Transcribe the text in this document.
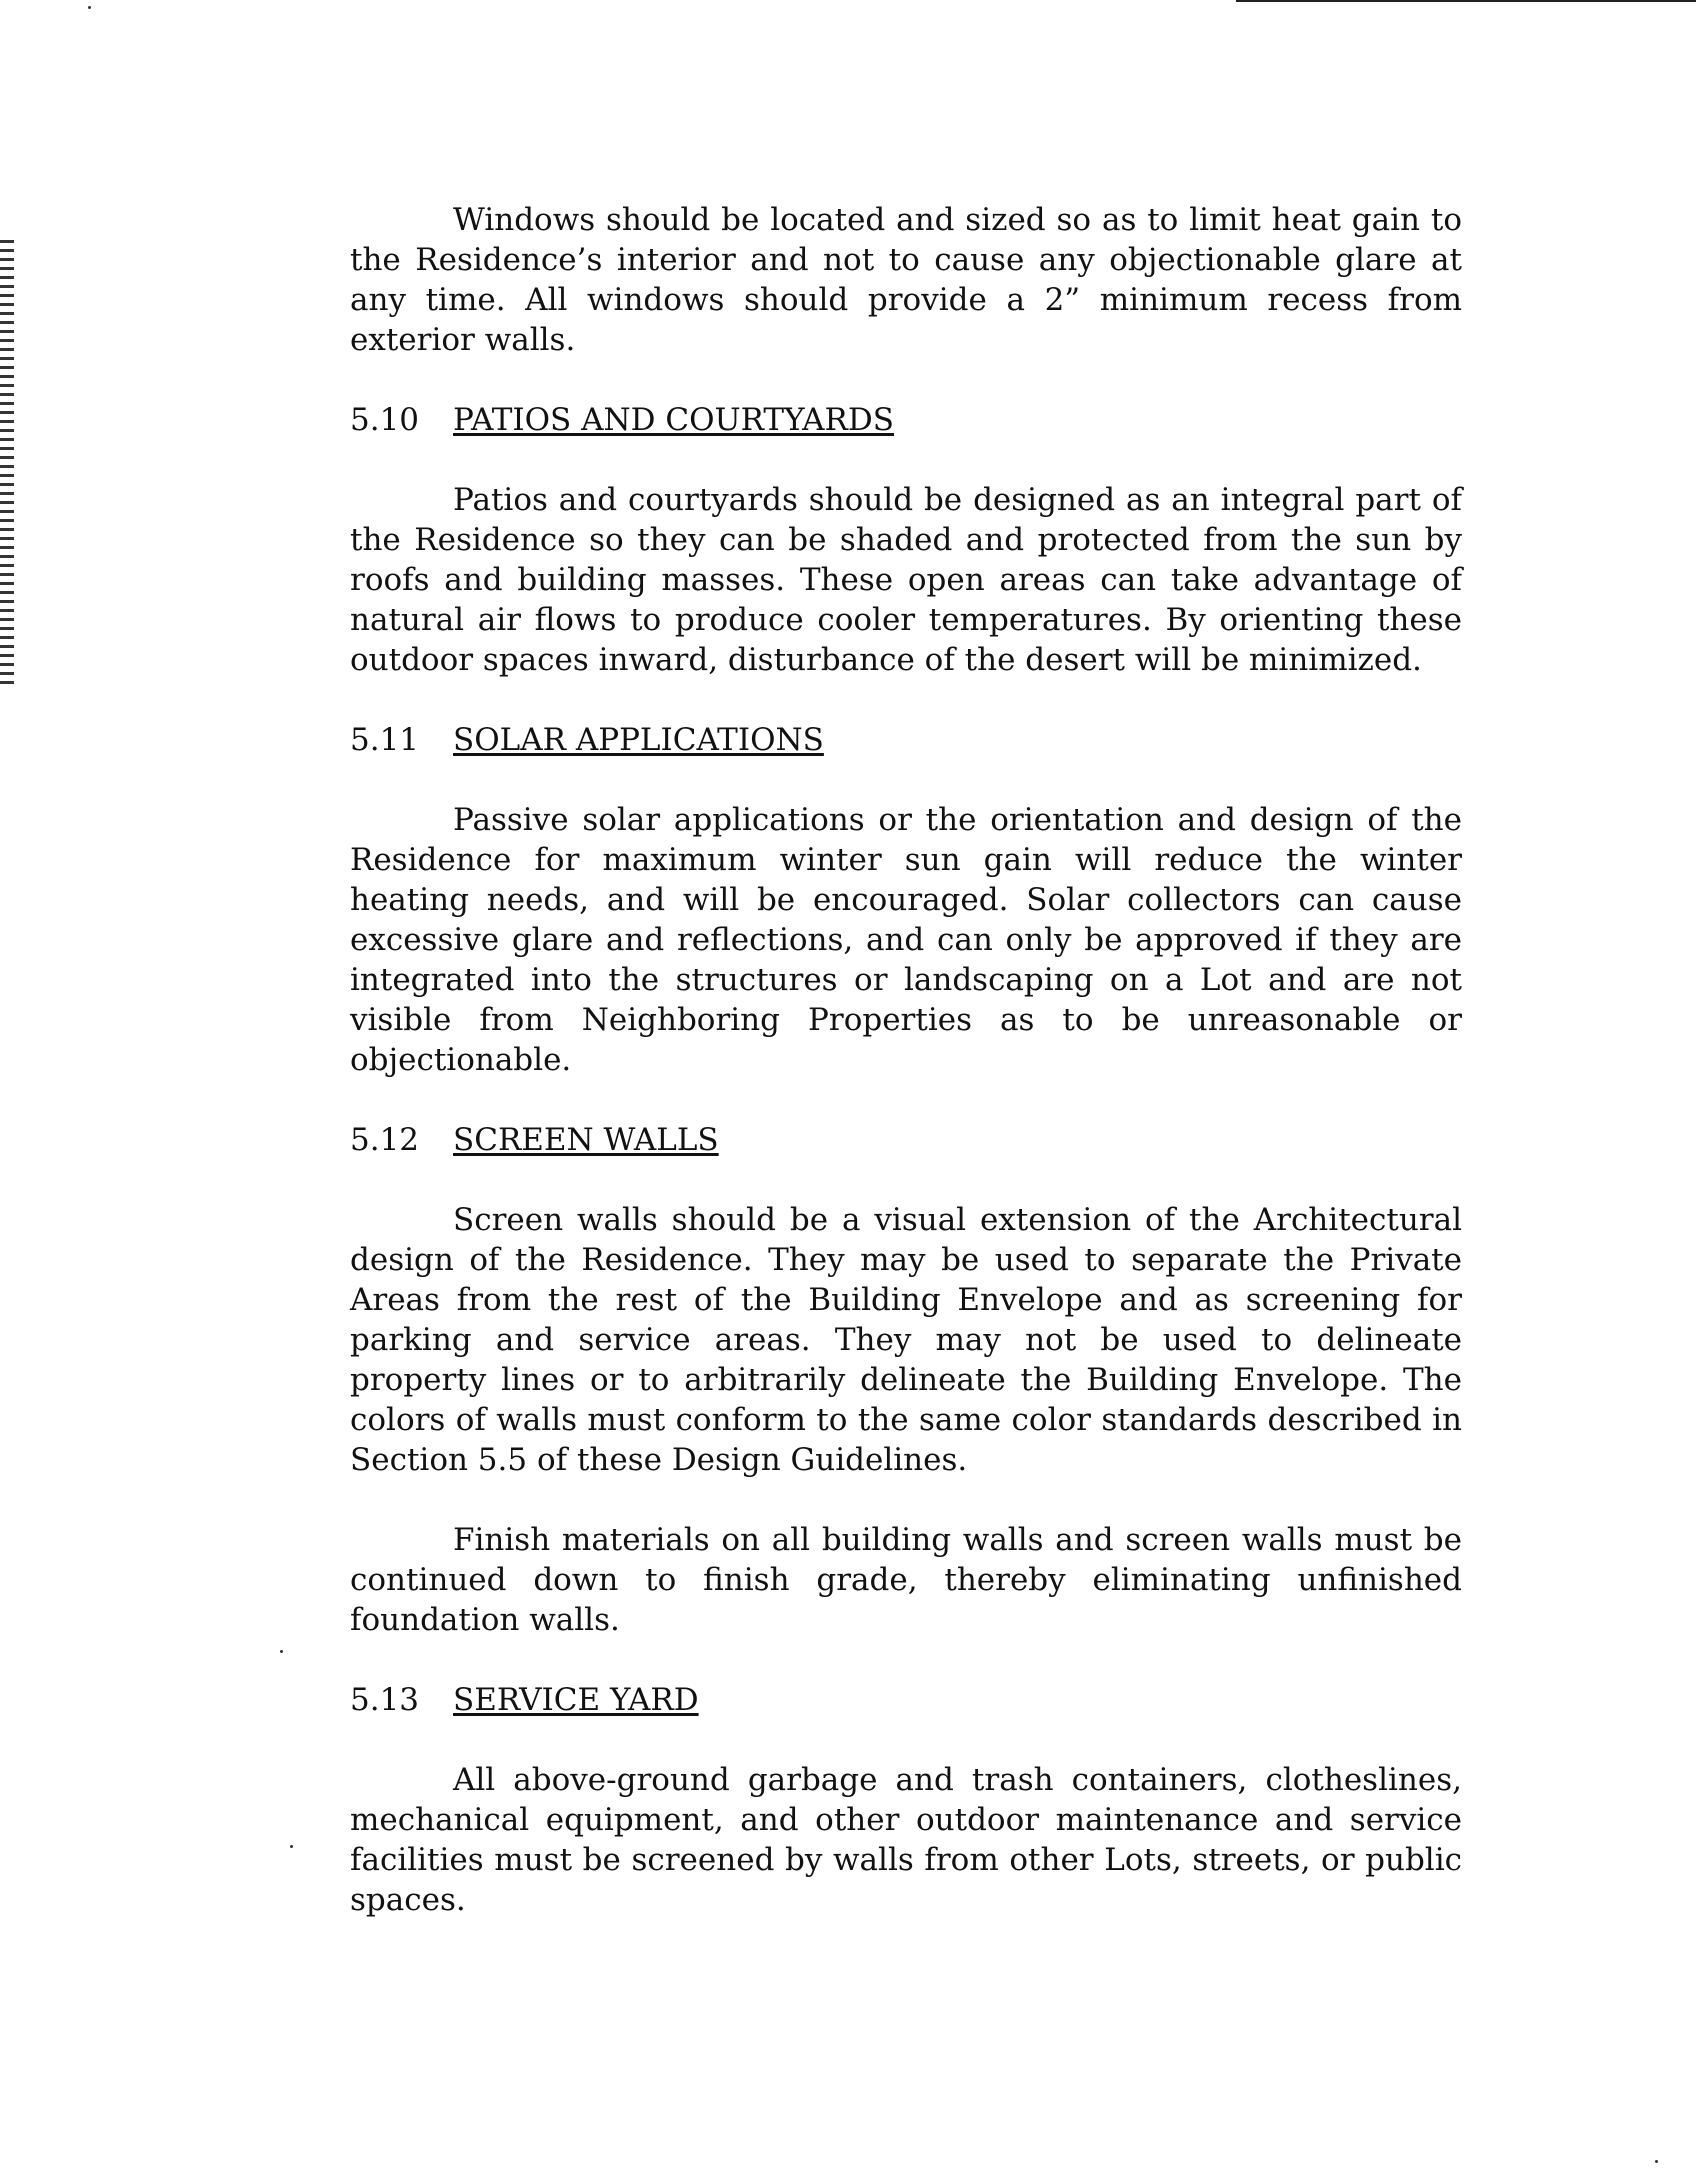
Windows should be located and sized so as to limit heat gain to the Residence’s interior and not to cause any objectionable glare at any time. All windows should provide a 2” minimum recess from exterior walls.

5.10 PATIOS AND COURTYARDS

Patios and courtyards should be designed as an integral part of the Residence so they can be shaded and protected from the sun by roofs and building masses. These open areas can take advantage of natural air flows to produce cooler temperatures. By orienting these outdoor spaces inward, disturbance of the desert will be minimized.

5.11 SOLAR APPLICATIONS

Passive solar applications or the orientation and design of the Residence for maximum winter sun gain will reduce the winter heating needs, and will be encouraged. Solar collectors can cause excessive glare and reflections, and can only be approved if they are integrated into the structures or landscaping on a Lot and are not visible from Neighboring Properties as to be unreasonable or objectionable.

5.12 SCREEN WALLS

Screen walls should be a visual extension of the Architectural design of the Residence. They may be used to separate the Private Areas from the rest of the Building Envelope and as screening for parking and service areas. They may not be used to delineate property lines or to arbitrarily delineate the Building Envelope. The colors of walls must conform to the same color standards described in Section 5.5 of these Design Guidelines.

Finish materials on all building walls and screen walls must be continued down to finish grade, thereby eliminating unfinished foundation walls.

5.13 SERVICE YARD

All above-ground garbage and trash containers, clotheslines, mechanical equipment, and other outdoor maintenance and service facilities must be screened by walls from other Lots, streets, or public spaces.
